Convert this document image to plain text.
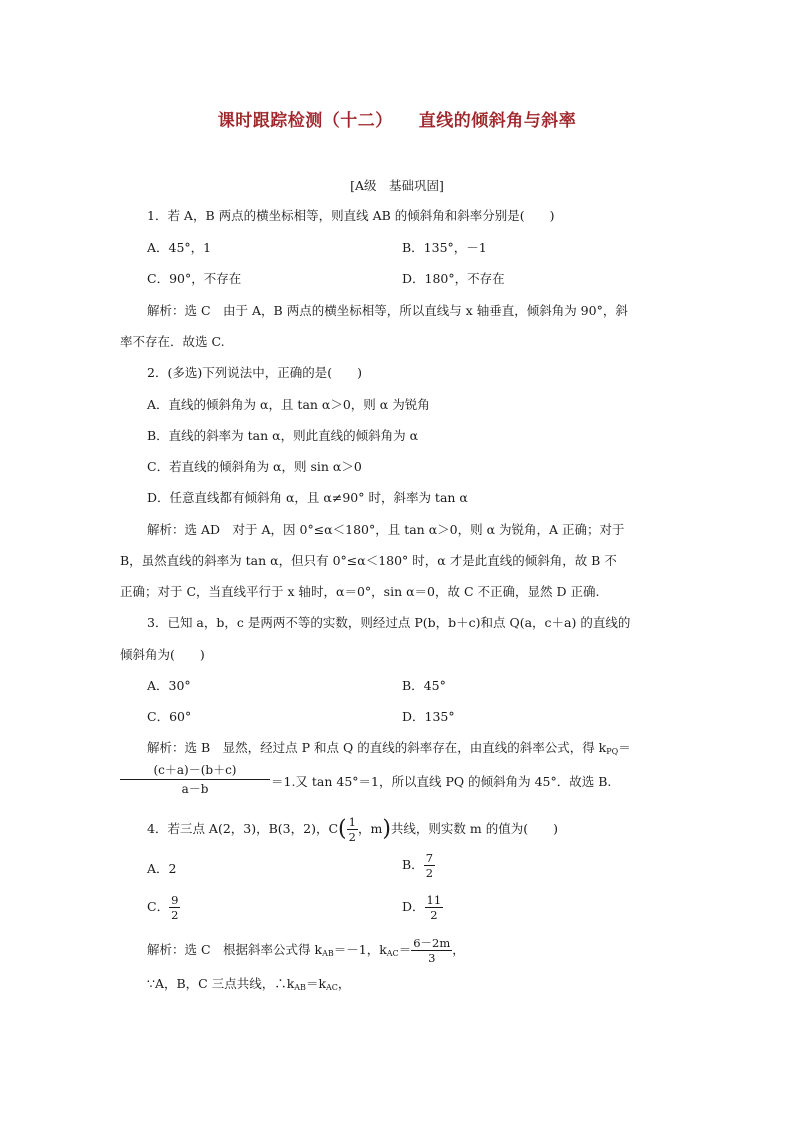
课时跟踪检测（十二） 直线的倾斜角与斜率
[A级　基础巩固]
1．若 A，B 两点的横坐标相等，则直线 AB 的倾斜角和斜率分别是(　　)
A．45°，1	B．135°，－1
C．90°，不存在	D．180°，不存在
解析：选 C　由于 A，B 两点的横坐标相等，所以直线与 x 轴垂直，倾斜角为 90°，斜
率不存在．故选 C.
2．(多选)下列说法中，正确的是(　　)
A．直线的倾斜角为 α，且 tan α＞0，则 α 为锐角
B．直线的斜率为 tan α，则此直线的倾斜角为 α
C．若直线的倾斜角为 α，则 sin α＞0
D．任意直线都有倾斜角 α，且 α≠90° 时，斜率为 tan α
解析：选 AD　对于 A，因 0°≤α＜180°，且 tan α＞0，则 α 为锐角，A 正确；对于
B，虽然直线的斜率为 tan α，但只有 0°≤α＜180° 时，α 才是此直线的倾斜角，故 B 不
正确；对于 C，当直线平行于 x 轴时，α＝0°，sin α＝0，故 C 不正确，显然 D 正确.
3．已知 a，b，c 是两两不等的实数，则经过点 P(b，b＋c)和点 Q(a，c＋a) 的直线的
倾斜角为(　　)
A．30°	B．45°
C．60°	D．135°
解析：选 B　显然，经过点 P 和点 Q 的直线的斜率存在，由直线的斜率公式，得 $k_{PQ}=$
$\frac{(c+a)-(b+c)}{a-b} =1$.又 tan 45°＝1，所以直线 PQ 的倾斜角为 45°．故选 B.
4．若三点 A(2，3)，B(3，2)，$C( \frac{1}{2}$ ，m)共线，则实数 m 的值为(　　)
A．2	B． $\frac{7}{2}$
C． $\frac{9}{2}$	D． $\frac{11}{2}$
解析：选 C　根据斜率公式得 $k_{AB}=-1$，$k_{AC}= \frac{6-2m}{3}$ ，
∵A，B，C 三点共线，$\therefore k_{AB}=k_{AC}$，
